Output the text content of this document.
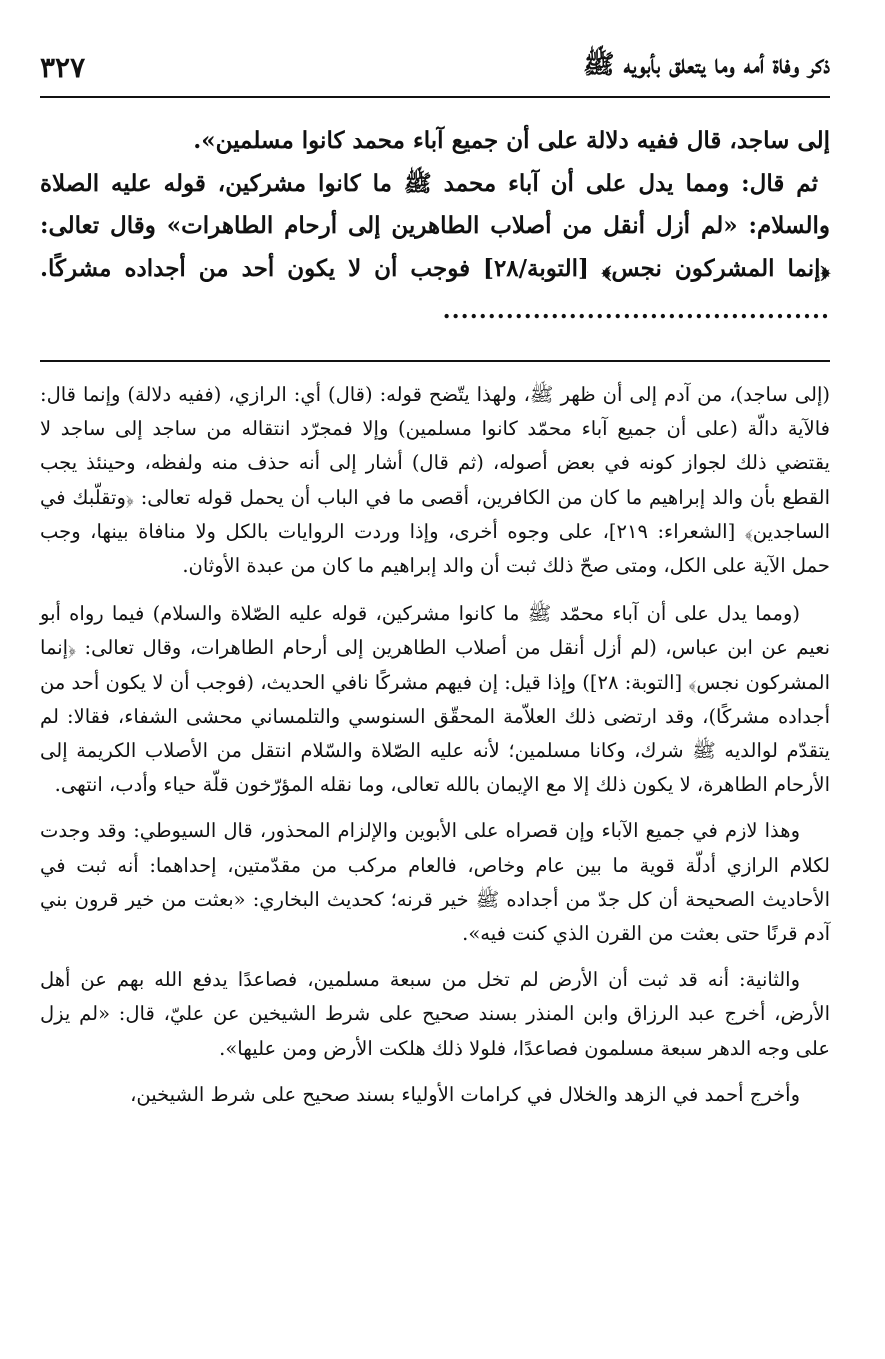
٣٢٧	ذكر وفاة أمه وما يتعلق بأبويه ﷺ

إلى ساجد، قال ففيه دلالة على أن جميع آباء محمد كانوا مسلمين».

ثم قال: ومما يدل على أن آباء محمد ﷺ ما كانوا مشركين، قوله عليه الصلاة والسلام: «لم أزل أنقل من أصلاب الطاهرين إلى أرحام الطاهرات» وقال تعالى: ﴿إنما المشركون نجس﴾ [التوبة/٢٨] فوجب أن لا يكون أحد من أجداده مشركًا. ...........................................

(إلى ساجد)، من آدم إلى أن ظهر ﷺ، ولهذا يتّضح قوله: (قال) أي: الرازي، (ففيه دلالة) وإنما قال: فالآية دالّة (على أن جميع آباء محمّد كانوا مسلمين) وإلا فمجرّد انتقاله من ساجد إلى ساجد لا يقتضي ذلك لجواز كونه في بعض أصوله، (ثم قال) أشار إلى أنه حذف منه ولفظه، وحينئذ يجب القطع بأن والد إبراهيم ما كان من الكافرين، أقصى ما في الباب أن يحمل قوله تعالى: ﴿وتقلّبك في الساجدين﴾ [الشعراء: ٢١٩]، على وجوه أخرى، وإذا وردت الروايات بالكل ولا منافاة بينها، وجب حمل الآية على الكل، ومتى صحّ ذلك ثبت أن والد إبراهيم ما كان من عبدة الأوثان.

(ومما يدل على أن آباء محمّد ﷺ ما كانوا مشركين، قوله عليه الصّلاة والسلام) فيما رواه أبو نعيم عن ابن عباس، (لم أزل أنقل من أصلاب الطاهرين إلى أرحام الطاهرات، وقال تعالى: ﴿إنما المشركون نجس﴾ [التوبة: ٢٨]) وإذا قيل: إن فيهم مشركًا نافي الحديث، (فوجب أن لا يكون أحد من أجداده مشركًا)، وقد ارتضى ذلك العلاّمة المحقّق السنوسي والتلمساني محشى الشفاء، فقالا: لم يتقدّم لوالديه ﷺ شرك، وكانا مسلمين؛ لأنه عليه الصّلاة والسّلام انتقل من الأصلاب الكريمة إلى الأرحام الطاهرة، لا يكون ذلك إلا مع الإيمان بالله تعالى، وما نقله المؤرّخون قلّة حياء وأدب، انتهى.

وهذا لازم في جميع الآباء وإن قصراه على الأبوين والإلزام المحذور، قال السيوطي: وقد وجدت لكلام الرازي أدلّة قوية ما بين عام وخاص، فالعام مركب من مقدّمتين، إحداهما: أنه ثبت في الأحاديث الصحيحة أن كل جدّ من أجداده ﷺ خير قرنه؛ كحديث البخاري: «بعثت من خير قرون بني آدم قرنًا حتى بعثت من القرن الذي كنت فيه».

والثانية: أنه قد ثبت أن الأرض لم تخل من سبعة مسلمين، فصاعدًا يدفع الله بهم عن أهل الأرض، أخرج عبد الرزاق وابن المنذر بسند صحيح على شرط الشيخين عن عليّ، قال: «لم يزل على وجه الدهر سبعة مسلمون فصاعدًا، فلولا ذلك هلكت الأرض ومن عليها».

وأخرج أحمد في الزهد والخلال في كرامات الأولياء بسند صحيح على شرط الشيخين،
